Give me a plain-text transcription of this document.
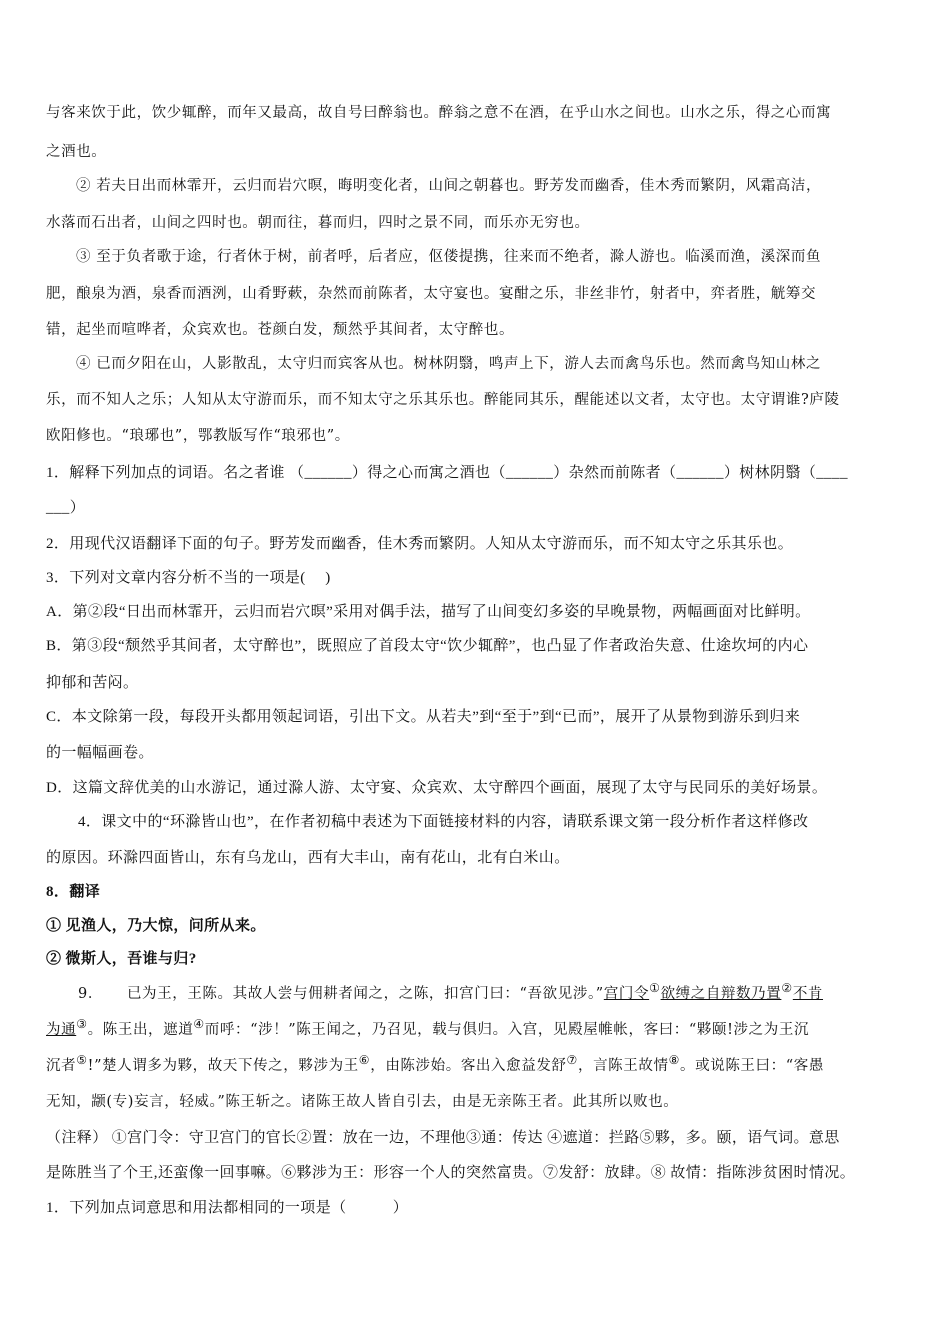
与客来饮于此，饮少辄醉，而年又最高，故自号曰醉翁也。醉翁之意不在酒，在乎山水之间也。山水之乐，得之心而寓
之酒也。
② 若夫日出而林霏开，云归而岩穴暝，晦明变化者，山间之朝暮也。野芳发而幽香，佳木秀而繁阴，风霜高洁，
水落而石出者，山间之四时也。朝而往，暮而归，四时之景不同，而乐亦无穷也。
③ 至于负者歌于途，行者休于树，前者呼，后者应，伛偻提携，往来而不绝者，滁人游也。临溪而渔，溪深而鱼
肥，酿泉为酒，泉香而酒洌，山肴野蔌，杂然而前陈者，太守宴也。宴酣之乐，非丝非竹，射者中，弈者胜，觥筹交
错，起坐而喧哗者，众宾欢也。苍颜白发，颓然乎其间者，太守醉也。
④ 已而夕阳在山，人影散乱，太守归而宾客从也。树林阴翳，鸣声上下，游人去而禽鸟乐也。然而禽鸟知山林之
乐，而不知人之乐；人知从太守游而乐，而不知太守之乐其乐也。醉能同其乐，醒能述以文者，太守也。太守谓谁?庐陵
欧阳修也。“琅琊也”，鄂教版写作“琅邪也”。
1．解释下列加点的词语。名之者谁 （______）得之心而寓之酒也（______）杂然而前陈者（______）树林阴翳（____
___）
2．用现代汉语翻译下面的句子。野芳发而幽香，佳木秀而繁阴。人知从太守游而乐，而不知太守之乐其乐也。
3．下列对文章内容分析不当的一项是(　 )
A．第②段“日出而林霏开，云归而岩穴暝”采用对偶手法，描写了山间变幻多姿的早晚景物，两幅画面对比鲜明。
B．第③段“颓然乎其间者，太守醉也”，既照应了首段太守“饮少辄醉”，也凸显了作者政治失意、仕途坎坷的内心
抑郁和苦闷。
C．本文除第一段，每段开头都用领起词语，引出下文。从若夫”到“至于”到“已而”，展开了从景物到游乐到归来
的一幅幅画卷。
D．这篇文辞优美的山水游记，通过滁人游、太守宴、众宾欢、太守醉四个画面，展现了太守与民同乐的美好场景。
4．课文中的“环滁皆山也”，在作者初稿中表述为下面链接材料的内容，请联系课文第一段分析作者这样修改
的原因。环滁四面皆山，东有乌龙山，西有大丰山，南有花山，北有白米山。
8．翻译
① 见渔人，乃大惊，问所从来。
② 微斯人，吾谁与归?
9． 已为王，王陈。其故人尝与佣耕者闻之，之陈，扣宫门曰：“吾欲见涉。”宫门令①欲缚之自辩数乃置②不肯
为通③。陈王出，遮道④而呼：“涉！”陈王闻之，乃召见，载与俱归。入宫，见殿屋帷帐，客曰：“夥颐!涉之为王沉
沉者⑤!”楚人谓多为夥，故天下传之，夥涉为王⑥，由陈涉始。客出入愈益发舒⑦，言陈王故情⑧。或说陈王曰：“客愚
无知，颛(专)妄言，轻威。”陈王斩之。诸陈王故人皆自引去，由是无亲陈王者。此其所以败也。
（注释） ①宫门令：守卫宫门的官长②置：放在一边，不理他③通：传达 ④遮道：拦路⑤夥，多。颐，语气词。意思
是陈胜当了个王,还蛮像一回事嘛。⑥夥涉为王：形容一个人的突然富贵。⑦发舒：放肆。⑧ 故情：指陈涉贫困时情况。
1．下列加点词意思和用法都相同的一项是（　　　）
